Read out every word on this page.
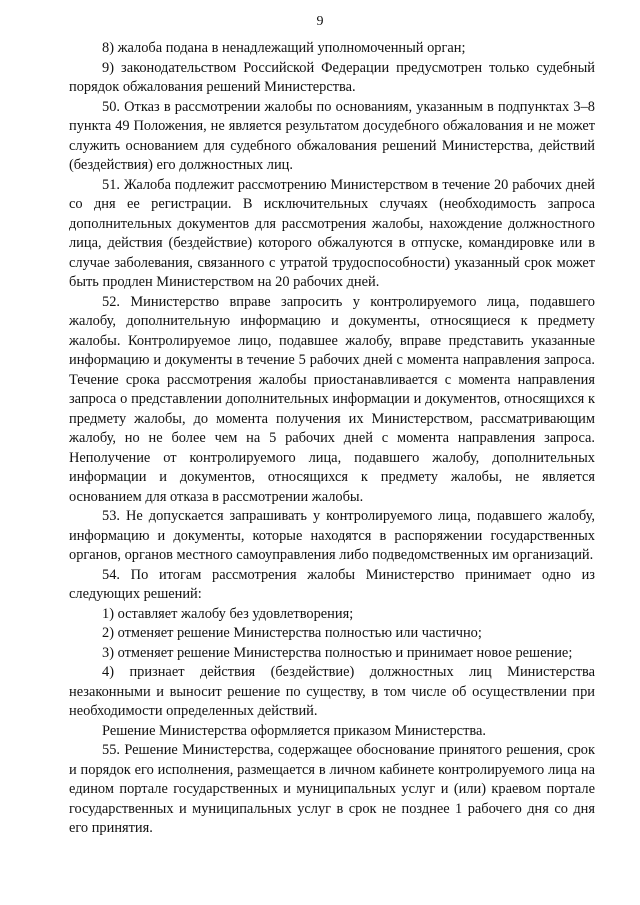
9

8) жалоба подана в ненадлежащий уполномоченный орган;

9) законодательством Российской Федерации предусмотрен только судебный порядок обжалования решений Министерства.

50. Отказ в рассмотрении жалобы по основаниям, указанным в подпунктах 3–8 пункта 49 Положения, не является результатом досудебного обжалования и не может служить основанием для судебного обжалования решений Министерства, действий (бездействия) его должностных лиц.

51. Жалоба подлежит рассмотрению Министерством в течение 20 рабочих дней со дня ее регистрации. В исключительных случаях (необходимость запроса дополнительных документов для рассмотрения жалобы, нахождение должностного лица, действия (бездействие) которого обжалуются в отпуске, командировке или в случае заболевания, связанного с утратой трудоспособности) указанный срок может быть продлен Министерством на 20 рабочих дней.

52. Министерство вправе запросить у контролируемого лица, подавшего жалобу, дополнительную информацию и документы, относящиеся к предмету жалобы. Контролируемое лицо, подавшее жалобу, вправе представить указанные информацию и документы в течение 5 рабочих дней с момента направления запроса. Течение срока рассмотрения жалобы приостанавливается с момента направления запроса о представлении дополнительных информации и документов, относящихся к предмету жалобы, до момента получения их Министерством, рассматривающим жалобу, но не более чем на 5 рабочих дней с момента направления запроса. Неполучение от контролируемого лица, подавшего жалобу, дополнительных информации и документов, относящихся к предмету жалобы, не является основанием для отказа в рассмотрении жалобы.

53. Не допускается запрашивать у контролируемого лица, подавшего жалобу, информацию и документы, которые находятся в распоряжении государственных органов, органов местного самоуправления либо подведомственных им организаций.

54. По итогам рассмотрения жалобы Министерство принимает одно из следующих решений:

1) оставляет жалобу без удовлетворения;

2) отменяет решение Министерства полностью или частично;

3) отменяет решение Министерства полностью и принимает новое решение;

4) признает действия (бездействие) должностных лиц Министерства незаконными и выносит решение по существу, в том числе об осуществлении при необходимости определенных действий.

Решение Министерства оформляется приказом Министерства.

55. Решение Министерства, содержащее обоснование принятого решения, срок и порядок его исполнения, размещается в личном кабинете контролируемого лица на едином портале государственных и муниципальных услуг и (или) краевом портале государственных и муниципальных услуг в срок не позднее 1 рабочего дня со дня его принятия.
